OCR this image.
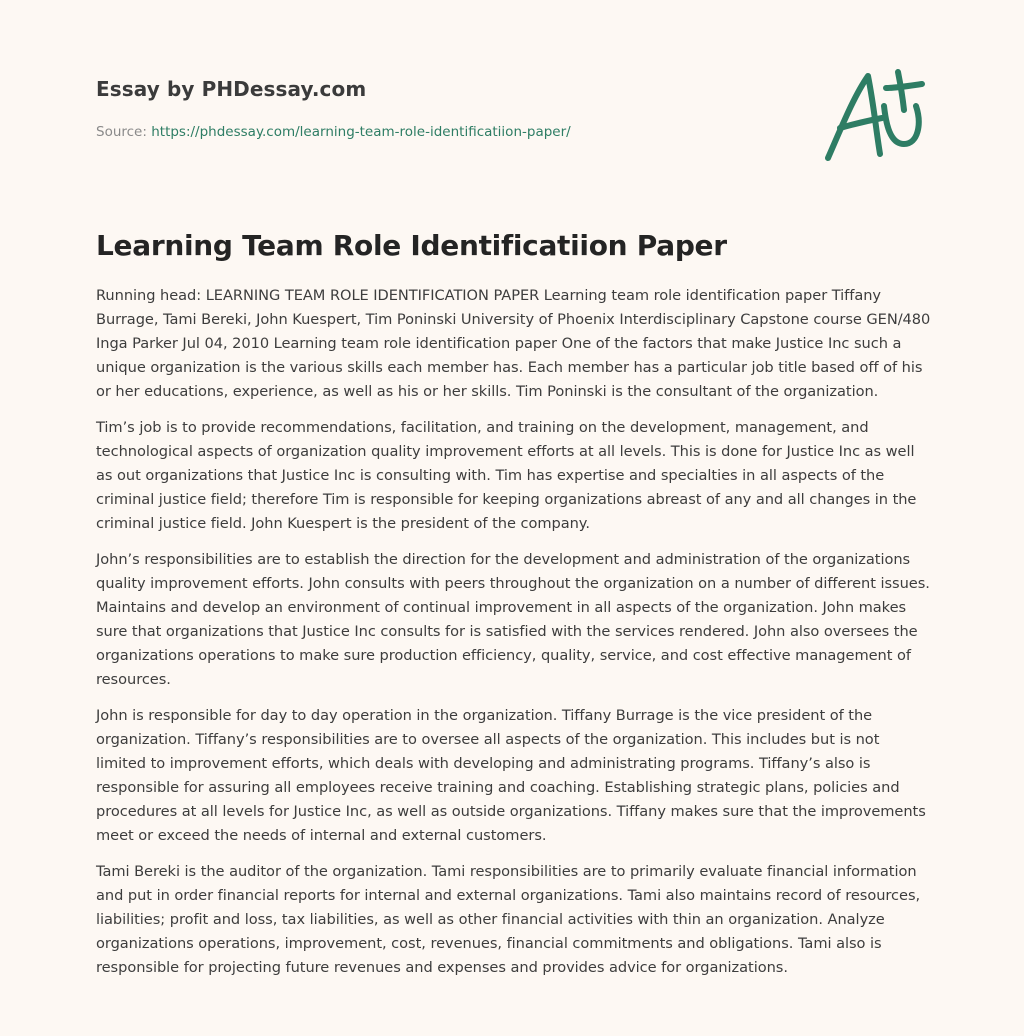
Essay by PHDessay.com
Source: https://phdessay.com/learning-team-role-identificatiion-paper/
Learning Team Role Identificatiion Paper

Running head: LEARNING TEAM ROLE IDENTIFICATION PAPER Learning team role identification paper Tiffany Burrage, Tami Bereki, John Kuespert, Tim Poninski University of Phoenix Interdisciplinary Capstone course GEN/480 Inga Parker Jul 04, 2010 Learning team role identification paper One of the factors that make Justice Inc such a unique organization is the various skills each member has. Each member has a particular job title based off of his or her educations, experience, as well as his or her skills. Tim Poninski is the consultant of the organization.

Tim’s job is to provide recommendations, facilitation, and training on the development, management, and technological aspects of organization quality improvement efforts at all levels. This is done for Justice Inc as well as out organizations that Justice Inc is consulting with. Tim has expertise and specialties in all aspects of the criminal justice field; therefore Tim is responsible for keeping organizations abreast of any and all changes in the criminal justice field. John Kuespert is the president of the company.

John’s responsibilities are to establish the direction for the development and administration of the organizations quality improvement efforts. John consults with peers throughout the organization on a number of different issues. Maintains and develop an environment of continual improvement in all aspects of the organization. John makes sure that organizations that Justice Inc consults for is satisfied with the services rendered. John also oversees the organizations operations to make sure production efficiency, quality, service, and cost effective management of resources.

John is responsible for day to day operation in the organization. Tiffany Burrage is the vice president of the organization. Tiffany’s responsibilities are to oversee all aspects of the organization. This includes but is not limited to improvement efforts, which deals with developing and administrating programs. Tiffany’s also is responsible for assuring all employees receive training and coaching. Establishing strategic plans, policies and procedures at all levels for Justice Inc, as well as outside organizations. Tiffany makes sure that the improvements meet or exceed the needs of internal and external customers.

Tami Bereki is the auditor of the organization. Tami responsibilities are to primarily evaluate financial information and put in order financial reports for internal and external organizations. Tami also maintains record of resources, liabilities; profit and loss, tax liabilities, as well as other financial activities with thin an organization. Analyze organizations operations, improvement, cost, revenues, financial commitments and obligations. Tami also is responsible for projecting future revenues and expenses and provides advice for organizations.
